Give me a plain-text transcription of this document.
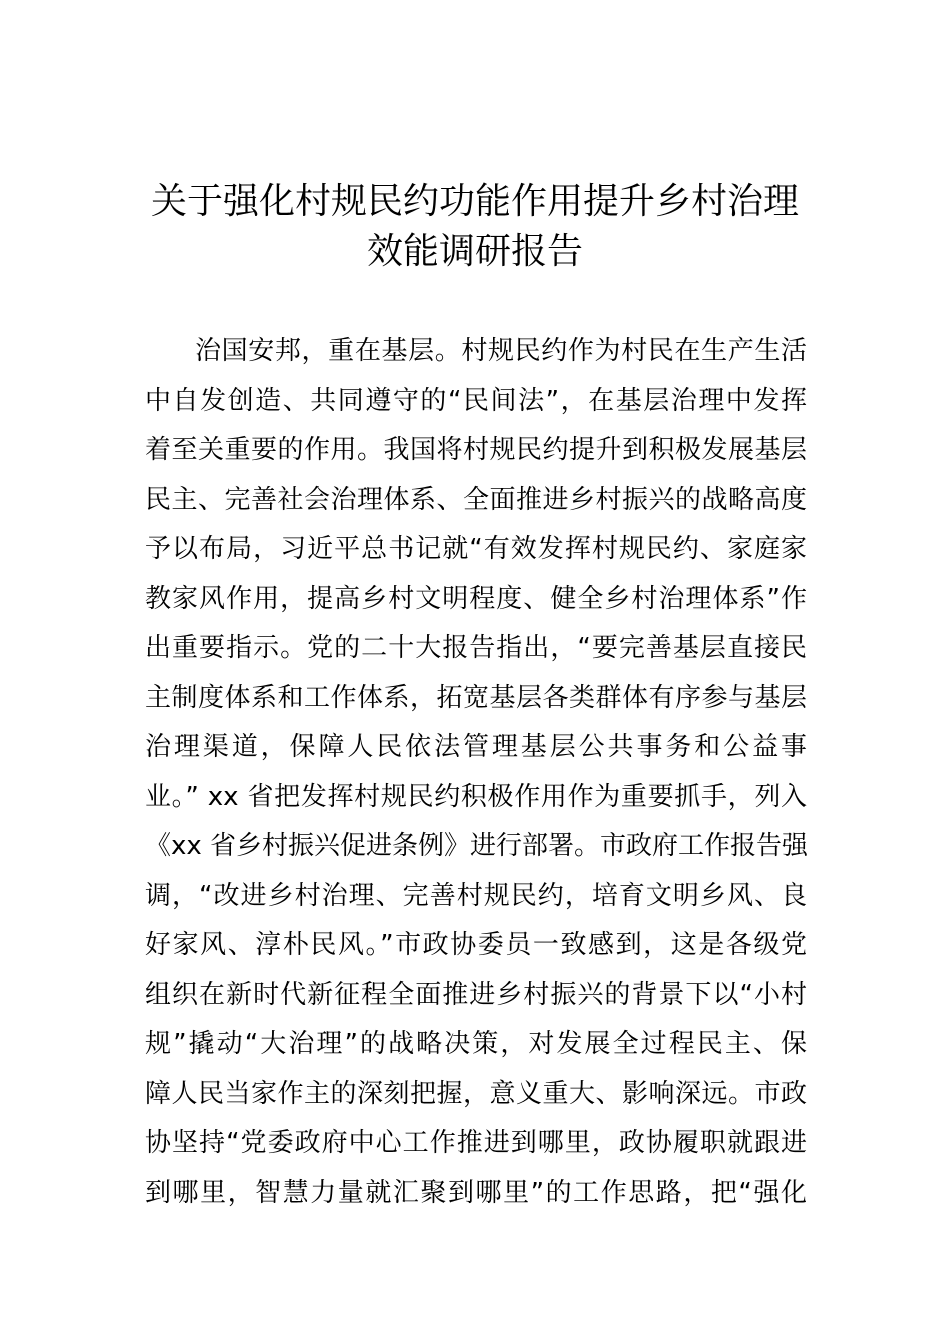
关于强化村规民约功能作用提升乡村治理
效能调研报告

治国安邦，重在基层。村规民约作为村民在生产生活

中自发创造、共同遵守的“民间法”，在基层治理中发挥

着至关重要的作用。我国将村规民约提升到积极发展基层

民主、完善社会治理体系、全面推进乡村振兴的战略高度

予以布局，习近平总书记就“有效发挥村规民约、家庭家

教家风作用，提高乡村文明程度、健全乡村治理体系”作

出重要指示。党的二十大报告指出，“要完善基层直接民

主制度体系和工作体系，拓宽基层各类群体有序参与基层

治理渠道，保障人民依法管理基层公共事务和公益事

业。” xx 省把发挥村规民约积极作用作为重要抓手，列入

《xx 省乡村振兴促进条例》进行部署。市政府工作报告强

调，“改进乡村治理、完善村规民约，培育文明乡风、良

好家风、淳朴民风。”市政协委员一致感到，这是各级党

组织在新时代新征程全面推进乡村振兴的背景下以“小村

规”撬动“大治理”的战略决策，对发展全过程民主、保

障人民当家作主的深刻把握，意义重大、影响深远。市政

协坚持“党委政府中心工作推进到哪里，政协履职就跟进

到哪里，智慧力量就汇聚到哪里”的工作思路，把“强化
